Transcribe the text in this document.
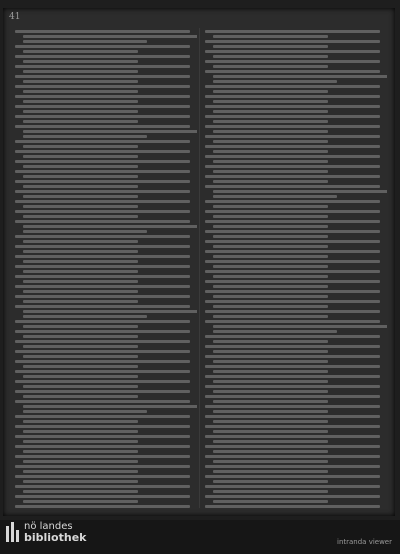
41
nö landes
bibliothek	intranda viewer
